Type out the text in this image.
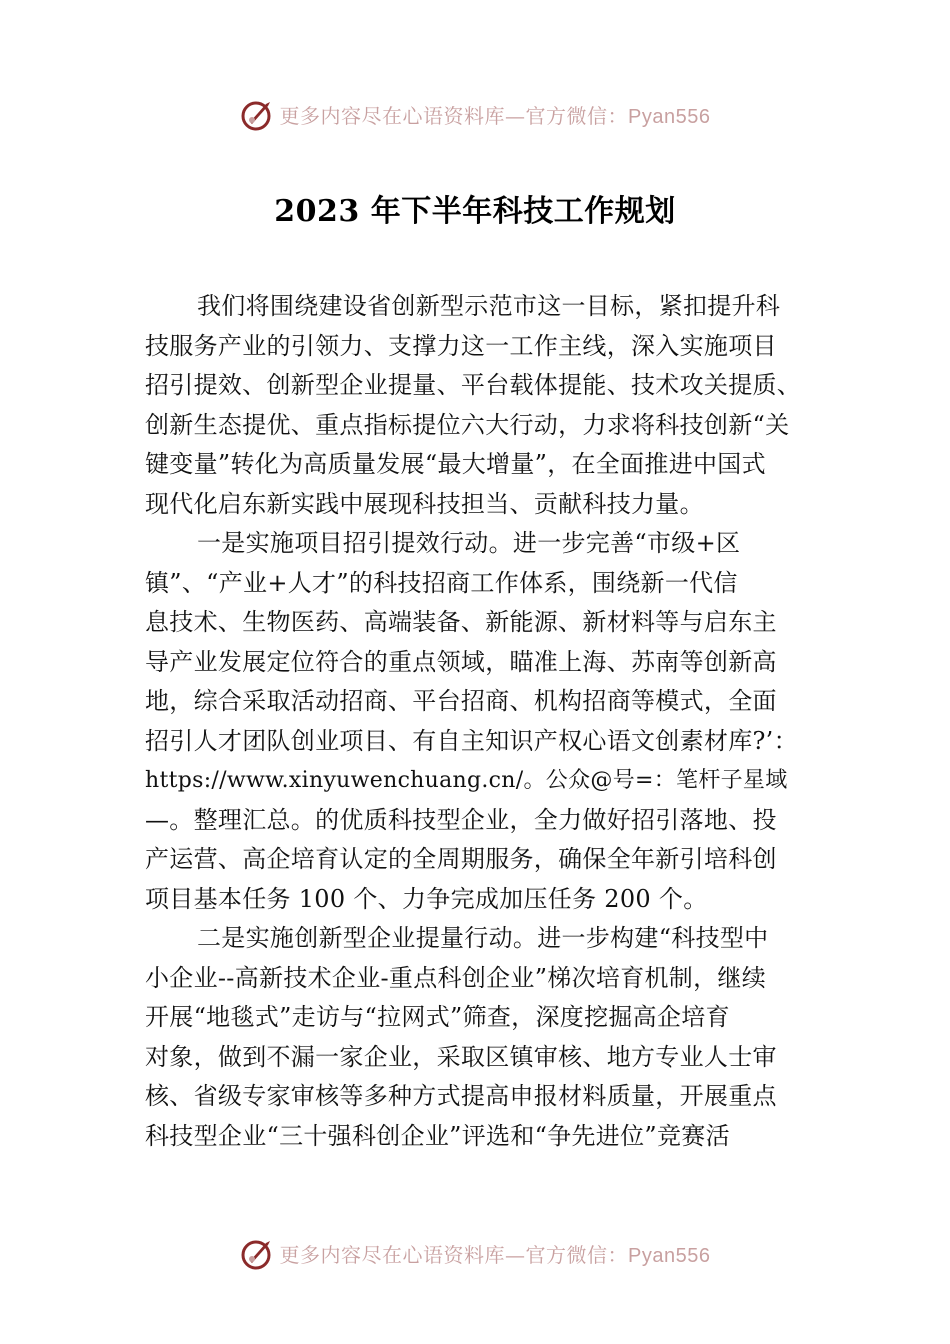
更多内容尽在心语资料库—官方微信：Pyan556
2023 年下半年科技工作规划
我们将围绕建设省创新型示范市这一目标，紧扣提升科
技服务产业的引领力、支撑力这一工作主线，深入实施项目
招引提效、创新型企业提量、平台载体提能、技术攻关提质、
创新生态提优、重点指标提位六大行动，力求将科技创新“关
键变量”转化为高质量发展“最大增量”，在全面推进中国式
现代化启东新实践中展现科技担当、贡献科技力量。
一是实施项目招引提效行动。进一步完善“市级+区
镇”、“产业+人才”的科技招商工作体系，围绕新一代信
息技术、生物医药、高端装备、新能源、新材料等与启东主
导产业发展定位符合的重点领域，瞄准上海、苏南等创新高
地，综合采取活动招商、平台招商、机构招商等模式，全面
招引人才团队创业项目、有自主知识产权心语文创素材库?’：
https://www.xinyuwenchuang.cn/。公众@号=：笔杆子星域
—。整理汇总。的优质科技型企业，全力做好招引落地、投
产运营、高企培育认定的全周期服务，确保全年新引培科创
项目基本任务 100 个、力争完成加压任务 200 个。
二是实施创新型企业提量行动。进一步构建“科技型中
小企业--高新技术企业-重点科创企业”梯次培育机制，继续
开展“地毯式”走访与“拉网式”筛查，深度挖掘高企培育
对象，做到不漏一家企业，采取区镇审核、地方专业人士审
核、省级专家审核等多种方式提高申报材料质量，开展重点
科技型企业“三十强科创企业”评选和“争先进位”竞赛活
更多内容尽在心语资料库—官方微信：Pyan556
